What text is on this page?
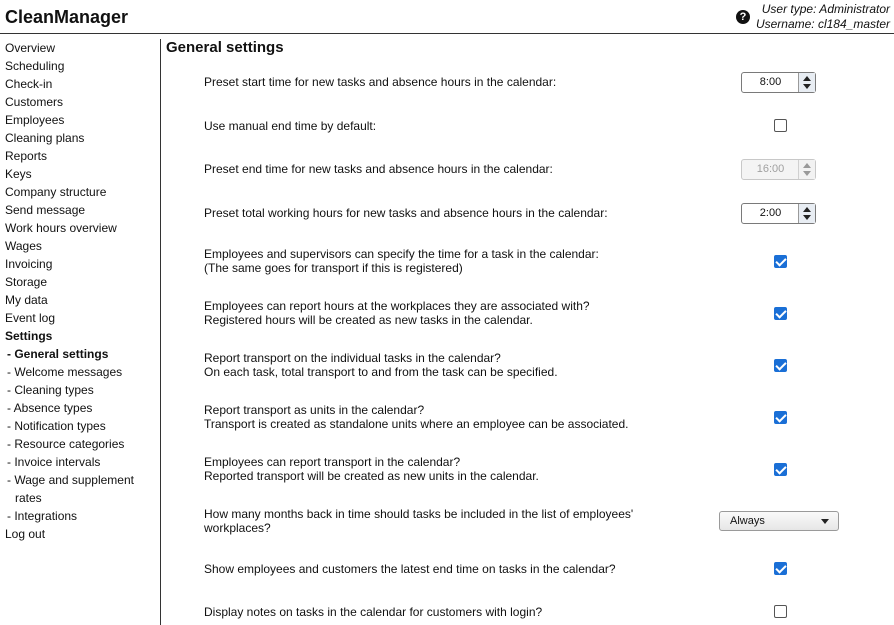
CleanManager	?
User type: Administrator
Username: cl184_master
Overview
Scheduling
Check-in
Customers
Employees
Cleaning plans
Reports
Keys
Company structure
Send message
Work hours overview
Wages
Invoicing
Storage
My data
Event log
Settings
- General settings
- Welcome messages
- Cleaning types
- Absence types
- Notification types
- Resource categories
- Invoice intervals
- Wage and supplement
rates
- Integrations
Log out
General settings
Preset start time for new tasks and absence hours in the calendar:	8:00
Use manual end time by default:
Preset end time for new tasks and absence hours in the calendar:	16:00
Preset total working hours for new tasks and absence hours in the calendar:	2:00
Employees and supervisors can specify the time for a task in the calendar:
(The same goes for transport if this is registered)
Employees can report hours at the workplaces they are associated with?
Registered hours will be created as new tasks in the calendar.
Report transport on the individual tasks in the calendar?
On each task, total transport to and from the task can be specified.
Report transport as units in the calendar?
Transport is created as standalone units where an employee can be associated.
Employees can report transport in the calendar?
Reported transport will be created as new units in the calendar.
How many months back in time should tasks be included in the list of employees'
workplaces?	Always
Show employees and customers the latest end time on tasks in the calendar?
Display notes on tasks in the calendar for customers with login?
